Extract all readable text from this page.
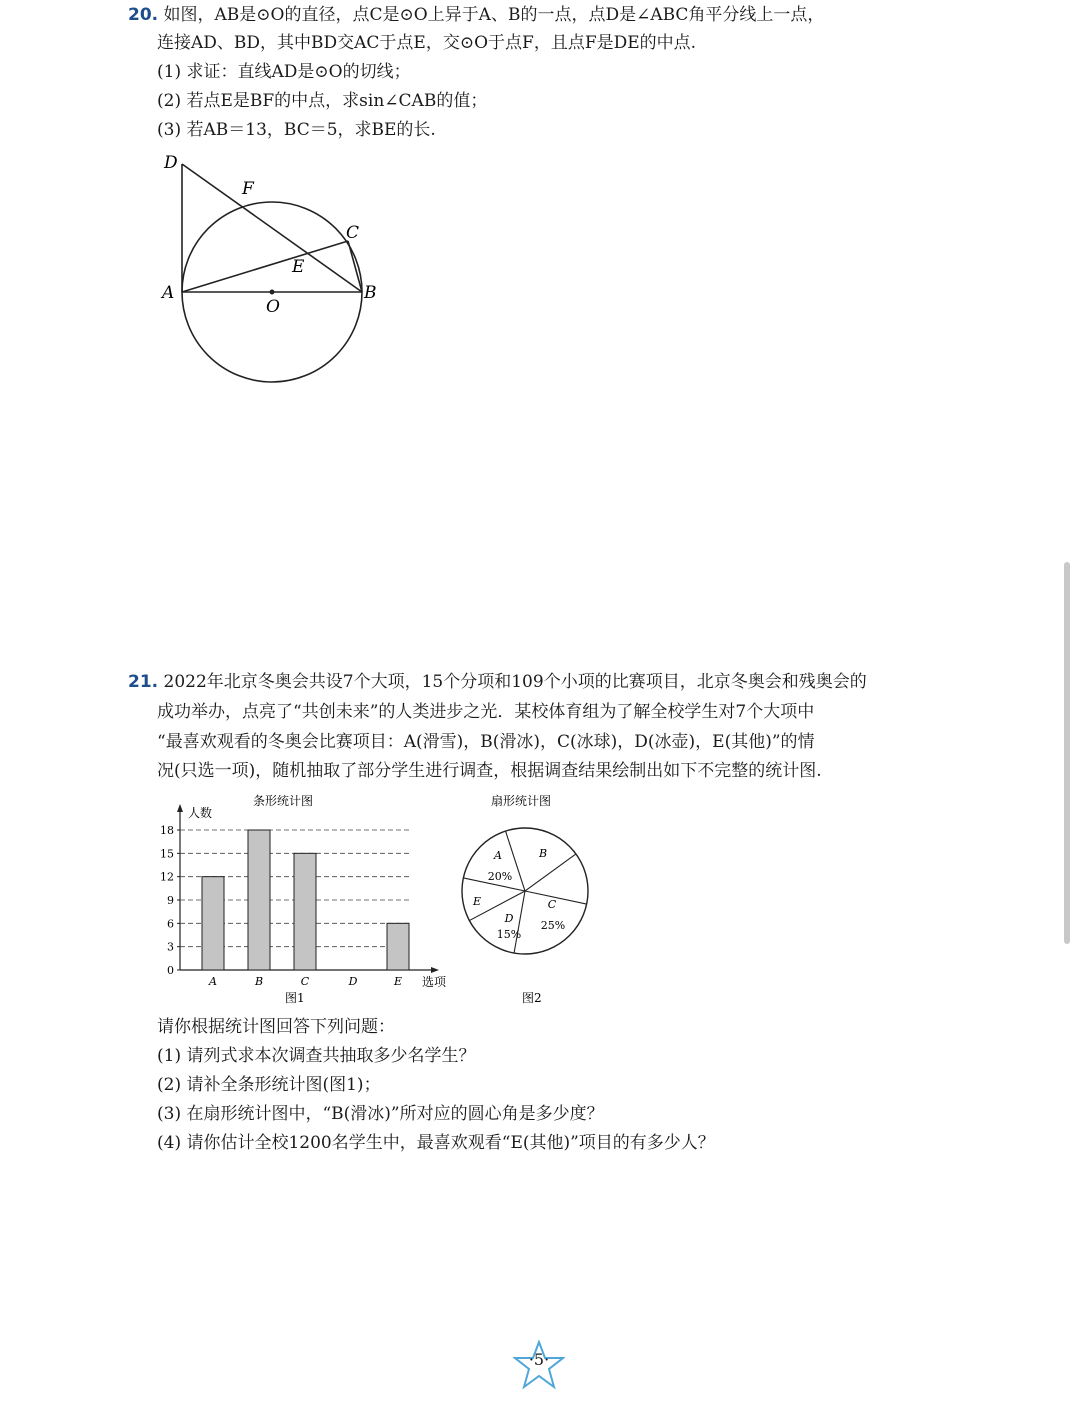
20. 如图，AB是⊙O的直径，点C是⊙O上异于A、B的一点，点D是∠ABC角平分线上一点，
连接AD、BD，其中BD交AC于点E，交⊙O于点F，且点F是DE的中点.
(1) 求证：直线AD是⊙O的切线；
(2) 若点E是BF的中点，求sin∠CAB的值；
(3) 若AB＝13，BC＝5，求BE的长.
D
F
C
E
A
O
B
21. 2022年北京冬奥会共设7个大项，15个分项和109个小项的比赛项目，北京冬奥会和残奥会的
成功举办，点亮了“共创未来”的人类进步之光．某校体育组为了解全校学生对7个大项中
“最喜欢观看的冬奥会比赛项目：A(滑雪)，B(滑冰)，C(冰球)，D(冰壶)，E(其他)”的情
况(只选一项)，随机抽取了部分学生进行调查，根据调查结果绘制出如下不完整的统计图.
条形统计图
人数
选项
图1
0
3
6
9
12
15
18
A	B	C	D	E
扇形统计图
图2
A
20%
B
C
25%
D
15%
E
请你根据统计图回答下列问题：
(1) 请列式求本次调查共抽取多少名学生？
(2) 请补全条形统计图(图1)；
(3) 在扇形统计图中，“B(滑冰)”所对应的圆心角是多少度？
(4) 请你估计全校1200名学生中，最喜欢观看“E(其他)”项目的有多少人？
·5·
